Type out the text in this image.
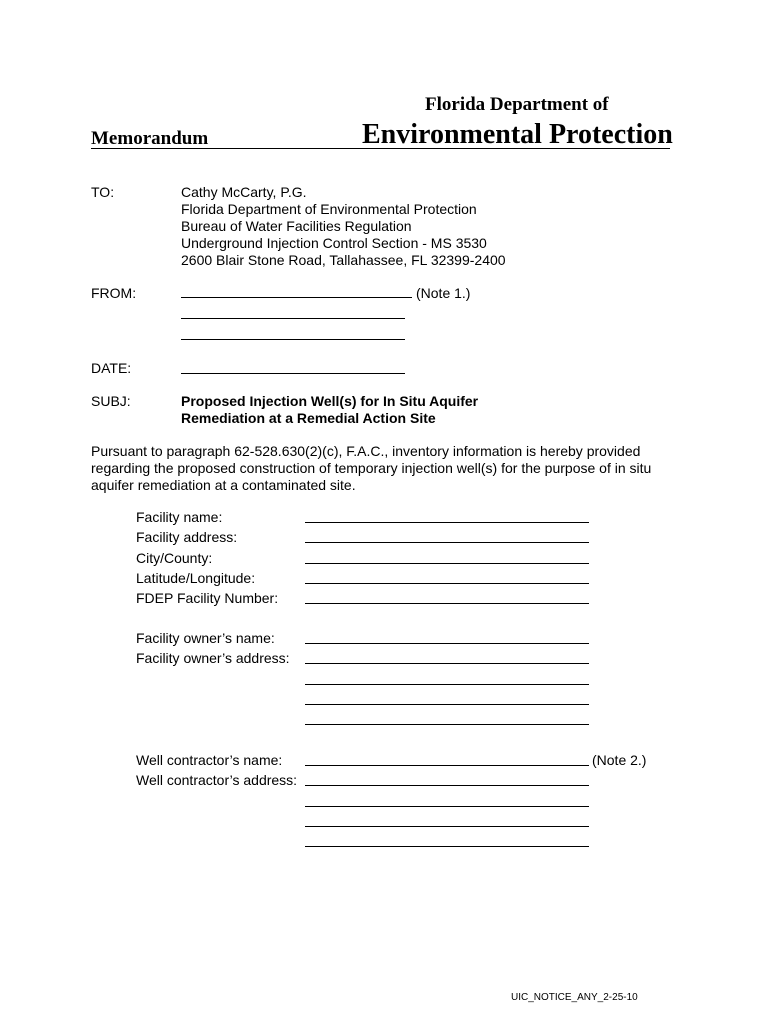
Florida Department of
Memorandum	Environmental Protection
TO:	Cathy McCarty, P.G.
Florida Department of Environmental Protection
Bureau of Water Facilities Regulation
Underground Injection Control Section - MS 3530
2600 Blair Stone Road, Tallahassee, FL 32399-2400
FROM:	(Note 1.)
DATE:
SUBJ:	Proposed Injection Well(s) for In Situ Aquifer
Remediation at a Remedial Action Site
Pursuant to paragraph 62-528.630(2)(c), F.A.C., inventory information is hereby provided
regarding the proposed construction of temporary injection well(s) for the purpose of in situ
aquifer remediation at a contaminated site.
Facility name:
Facility address:
City/County:
Latitude/Longitude:
FDEP Facility Number:
Facility owner’s name:
Facility owner’s address:
Well contractor’s name:	(Note 2.)
Well contractor’s address:
UIC_NOTICE_ANY_2-25-10
